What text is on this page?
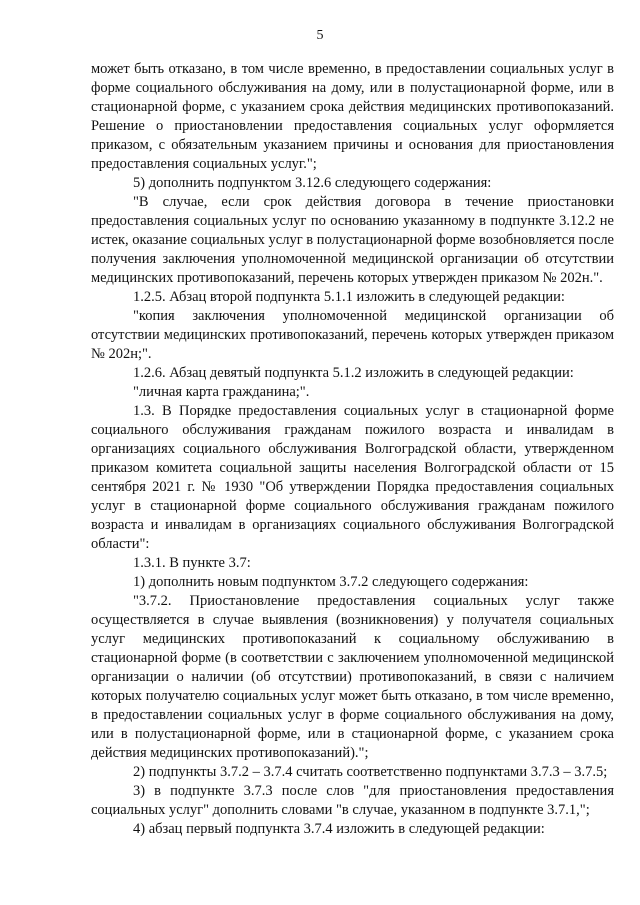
5

может быть отказано, в том числе временно, в предоставлении социальных услуг в форме социального обслуживания на дому, или в полустационарной форме, или в стационарной форме, с указанием срока действия медицинских противопоказаний. Решение о приостановлении предоставления социальных услуг оформляется приказом, с обязательным указанием причины и основания для приостановления предоставления социальных услуг.";

5) дополнить подпунктом 3.12.6 следующего содержания:

"В случае, если срок действия договора в течение приостановки предоставления социальных услуг по основанию указанному в подпункте 3.12.2 не истек, оказание социальных услуг в полустационарной форме возобновляется после получения заключения уполномоченной медицинской организации об отсутствии медицинских противопоказаний, перечень которых утвержден приказом № 202н.".

1.2.5. Абзац второй подпункта 5.1.1 изложить в следующей редакции:

"копия заключения уполномоченной медицинской организации об отсутствии медицинских противопоказаний, перечень которых утвержден приказом № 202н;".

1.2.6. Абзац девятый подпункта 5.1.2 изложить в следующей редакции:

"личная карта гражданина;".

1.3. В Порядке предоставления социальных услуг в стационарной форме социального обслуживания гражданам пожилого возраста и инвалидам в организациях социального обслуживания Волгоградской области, утвержденном приказом комитета социальной защиты населения Волгоградской области от 15 сентября 2021 г. № 1930 "Об утверждении Порядка предоставления социальных услуг в стационарной форме социального обслуживания гражданам пожилого возраста и инвалидам в организациях социального обслуживания Волгоградской области":

1.3.1. В пункте 3.7:

1) дополнить новым подпунктом 3.7.2 следующего содержания:

"3.7.2. Приостановление предоставления социальных услуг также осуществляется в случае выявления (возникновения) у получателя социальных услуг медицинских противопоказаний к социальному обслуживанию в стационарной форме (в соответствии с заключением уполномоченной медицинской организации о наличии (об отсутствии) противопоказаний, в связи с наличием которых получателю социальных услуг может быть отказано, в том числе временно, в предоставлении социальных услуг в форме социального обслуживания на дому, или в полустационарной форме, или в стационарной форме, с указанием срока действия медицинских противопоказаний).";

2) подпункты 3.7.2 – 3.7.4 считать соответственно подпунктами 3.7.3 – 3.7.5;

3) в подпункте 3.7.3 после слов "для приостановления предоставления социальных услуг" дополнить словами "в случае, указанном в подпункте 3.7.1,";

4) абзац первый подпункта 3.7.4 изложить в следующей редакции:
